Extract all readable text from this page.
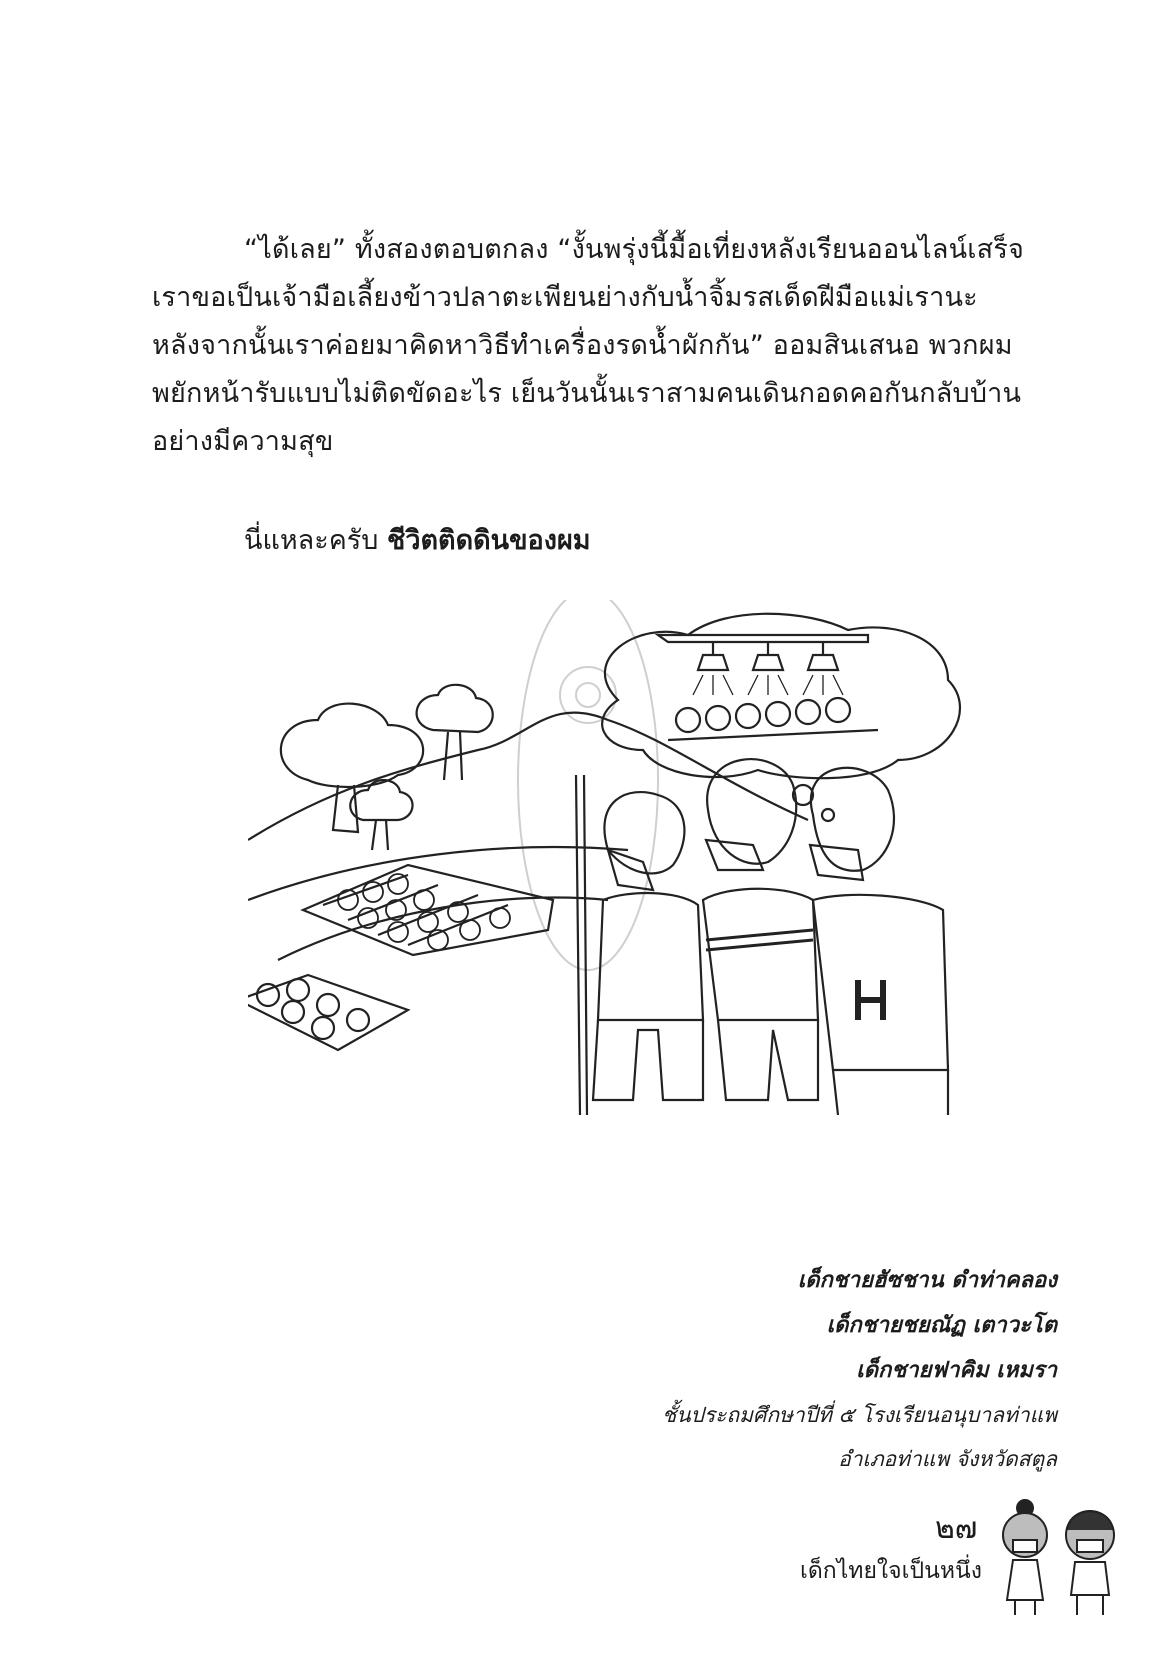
“ได้เลย” ทั้งสองตอบตกลง “งั้นพรุ่งนี้มื้อเที่ยงหลังเรียนออนไลน์เสร็จ
เราขอเป็นเจ้ามือเลี้ยงข้าวปลาตะเพียนย่างกับน้ำจิ้มรสเด็ดฝีมือแม่เรานะ
หลังจากนั้นเราค่อยมาคิดหาวิธีทำเครื่องรดน้ำผักกัน” ออมสินเสนอ พวกผม
พยักหน้ารับแบบไม่ติดขัดอะไร เย็นวันนั้นเราสามคนเดินกอดคอกันกลับบ้าน
อย่างมีความสุข
นี่แหละครับ ชีวิตติดดินของผม
เด็กชายฮัซชาน ดำท่าคลอง
เด็กชายชยณัฏ เตาวะโต
เด็กชายฟาคิม เหมรา
ชั้นประถมศึกษาปีที่ ๕ โรงเรียนอนุบาลท่าแพ
อำเภอท่าแพ จังหวัดสตูล
๒๗
เด็กไทยใจเป็นหนึ่ง
